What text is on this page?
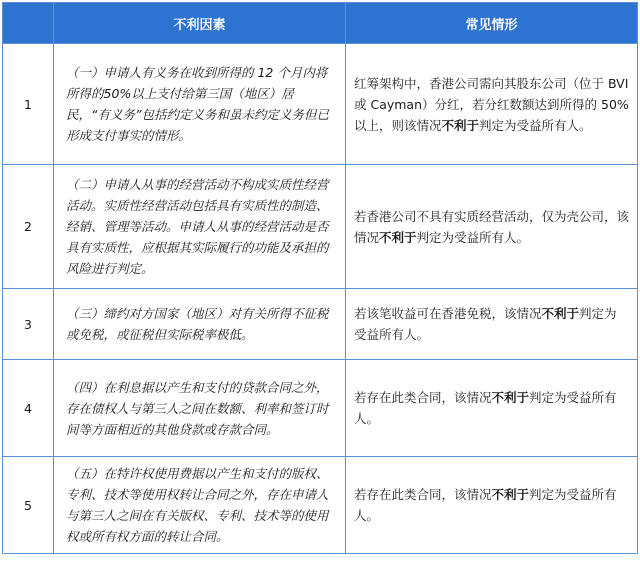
	不利因素	常见情形
1	（一）申请人有义务在收到所得的 12 个月内将所得的50%以上支付给第三国（地区）居民，“有义务”包括约定义务和虽未约定义务但已形成支付事实的情形。	红筹架构中，香港公司需向其股东公司（位于 BVI 或 Cayman）分红，若分红数额达到所得的 50%以上，则该情况不利于判定为受益所有人。
2	（二）申请人从事的经营活动不构成实质性经营活动。实质性经营活动包括具有实质性的制造、经销、管理等活动。申请人从事的经营活动是否具有实质性，应根据其实际履行的功能及承担的风险进行判定。	若香港公司不具有实质经营活动，仅为壳公司，该情况不利于判定为受益所有人。
3	（三）缔约对方国家（地区）对有关所得不征税或免税，或征税但实际税率极低。	若该笔收益可在香港免税，该情况不利于判定为受益所有人。
4	（四）在利息据以产生和支付的贷款合同之外，存在债权人与第三人之间在数额、利率和签订时间等方面相近的其他贷款或存款合同。	若存在此类合同，该情况不利于判定为受益所有人。
5	（五）在特许权使用费据以产生和支付的版权、专利、技术等使用权转让合同之外，存在申请人与第三人之间在有关版权、专利、技术等的使用权或所有权方面的转让合同。	若存在此类合同，该情况不利于判定为受益所有人。
